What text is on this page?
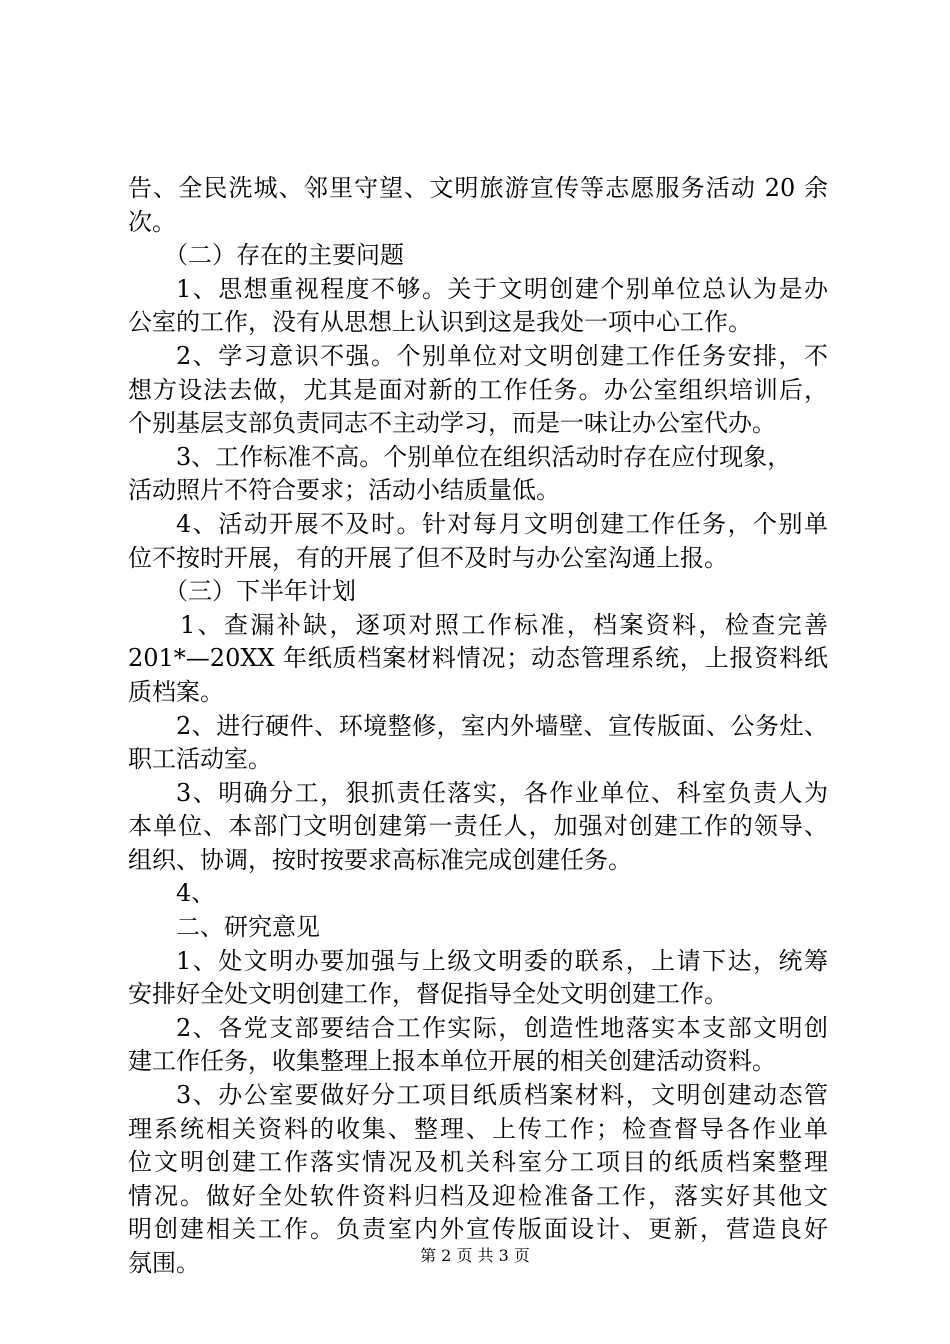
告、全民洗城、邻里守望、文明旅游宣传等志愿服务活动 20 余
次。
（二）存在的主要问题
1、思想重视程度不够。关于文明创建个别单位总认为是办
公室的工作，没有从思想上认识到这是我处一项中心工作。
2、学习意识不强。个别单位对文明创建工作任务安排，不
想方设法去做，尤其是面对新的工作任务。办公室组织培训后，
个别基层支部负责同志不主动学习，而是一味让办公室代办。
3、工作标准不高。个别单位在组织活动时存在应付现象，
活动照片不符合要求；活动小结质量低。
4、活动开展不及时。针对每月文明创建工作任务，个别单
位不按时开展，有的开展了但不及时与办公室沟通上报。
（三）下半年计划
1、查漏补缺，逐项对照工作标准，档案资料，检查完善
201*—20XX 年纸质档案材料情况；动态管理系统，上报资料纸
质档案。
2、进行硬件、环境整修，室内外墙壁、宣传版面、公务灶、
职工活动室。
3、明确分工，狠抓责任落实，各作业单位、科室负责人为
本单位、本部门文明创建第一责任人，加强对创建工作的领导、
组织、协调，按时按要求高标准完成创建任务。
4、
二、研究意见
1、处文明办要加强与上级文明委的联系，上请下达，统筹
安排好全处文明创建工作，督促指导全处文明创建工作。
2、各党支部要结合工作实际，创造性地落实本支部文明创
建工作任务，收集整理上报本单位开展的相关创建活动资料。
3、办公室要做好分工项目纸质档案材料，文明创建动态管
理系统相关资料的收集、整理、上传工作；检查督导各作业单
位文明创建工作落实情况及机关科室分工项目的纸质档案整理
情况。做好全处软件资料归档及迎检准备工作，落实好其他文
明创建相关工作。负责室内外宣传版面设计、更新，营造良好
氛围。	第 2 页 共 3 页
